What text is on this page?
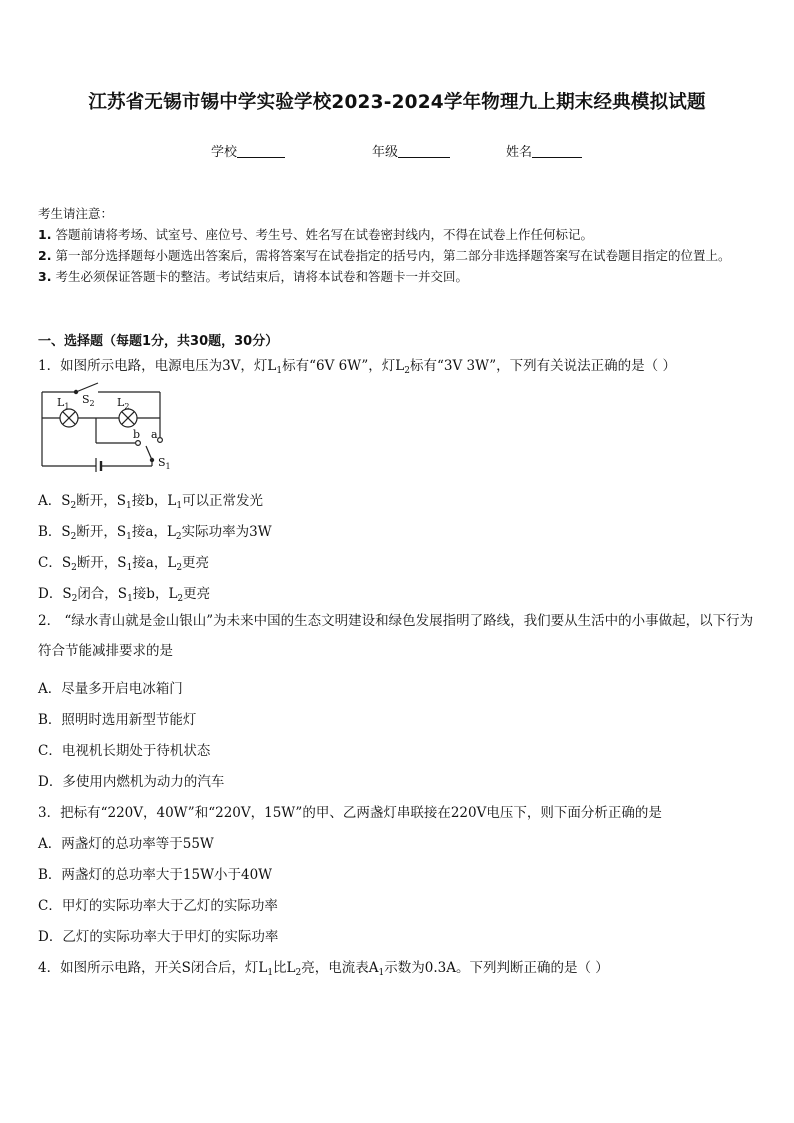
江苏省无锡市锡中学实验学校2023-2024学年物理九上期末经典模拟试题
学校	年级	姓名
考生请注意：
1. 答题前请将考场、试室号、座位号、考生号、姓名写在试卷密封线内，不得在试卷上作任何标记。
2. 第一部分选择题每小题选出答案后，需将答案写在试卷指定的括号内，第二部分非选择题答案写在试卷题目指定的位置上。
3. 考生必须保证答题卡的整洁。考试结束后，请将本试卷和答题卡一并交回。
一、选择题（每题1分，共30题，30分）
1．如图所示电路，电源电压为3V，灯$L_1$标有“6V 6W”，灯$L_2$标有“3V 3W”，下列有关说法正确的是（ ）
$L_1$	$L_2$
$S_2$
b a
$S_1$
A．$S_2$断开，$S_1$接b，$L_1$可以正常发光
B．$S_2$断开，$S_1$接a，$L_2$实际功率为3W
C．$S_2$断开，$S_1$接a，$L_2$更亮
D．$S_2$闭合，$S_1$接b，$L_2$更亮
2． “绿水青山就是金山银山”为未来中国的生态文明建设和绿色发展指明了路线，我们要从生活中的小事做起，以下行为符合节能减排要求的是
A．尽量多开启电冰箱门
B．照明时选用新型节能灯
C．电视机长期处于待机状态
D．多使用内燃机为动力的汽车
3．把标有“220V，40W”和“220V，15W”的甲、乙两盏灯串联接在220V电压下，则下面分析正确的是
A．两盏灯的总功率等于55W
B．两盏灯的总功率大于15W小于40W
C．甲灯的实际功率大于乙灯的实际功率
D．乙灯的实际功率大于甲灯的实际功率
4．如图所示电路，开关S闭合后，灯$L_1$比$L_2$亮，电流表$A_1$示数为0.3A。下列判断正确的是（ ）
